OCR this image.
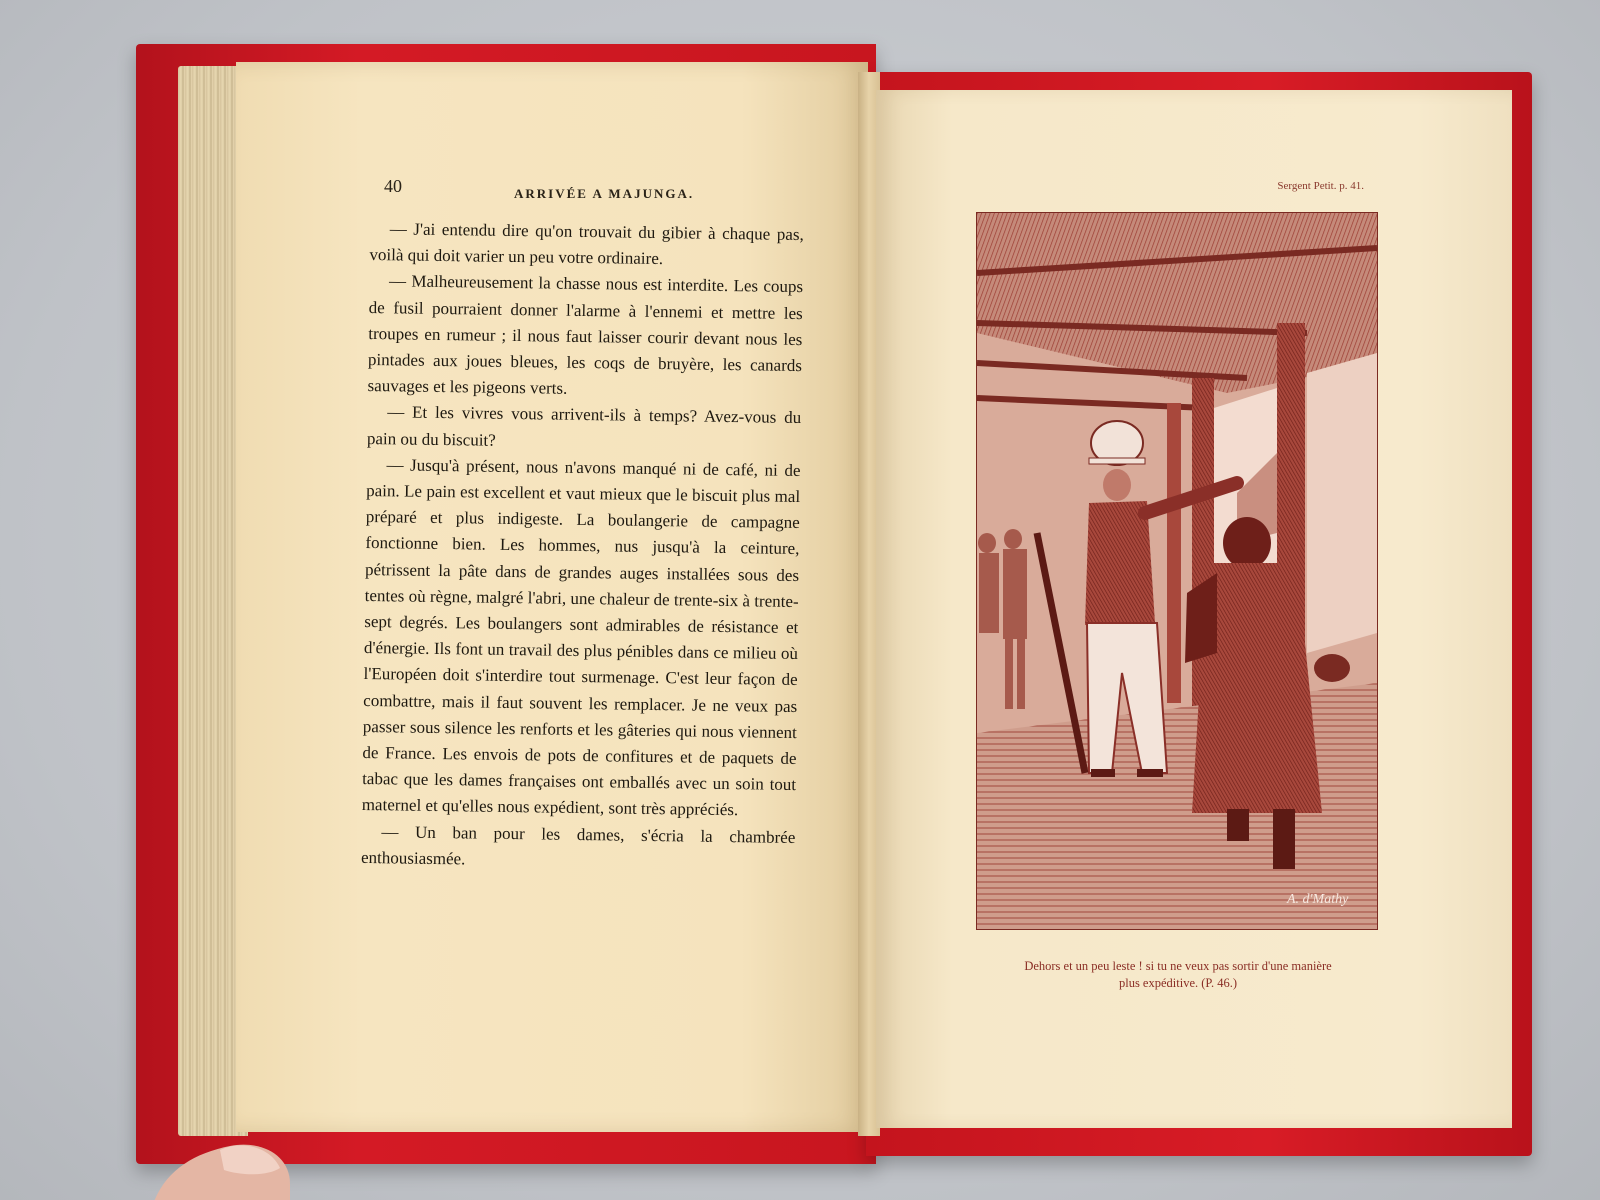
40	ARRIVÉE A MAJUNGA.

— J'ai entendu dire qu'on trouvait du gibier à chaque pas, voilà qui doit varier un peu votre ordinaire.

— Malheureusement la chasse nous est interdite. Les coups de fusil pourraient donner l'alarme à l'ennemi et mettre les troupes en rumeur ; il nous faut laisser courir devant nous les pintades aux joues bleues, les coqs de bruyère, les canards sauvages et les pigeons verts.

— Et les vivres vous arrivent-ils à temps? Avez-vous du pain ou du biscuit?

— Jusqu'à présent, nous n'avons manqué ni de café, ni de pain. Le pain est excellent et vaut mieux que le biscuit plus mal préparé et plus indigeste. La boulangerie de campagne fonctionne bien. Les hommes, nus jusqu'à la ceinture, pétrissent la pâte dans de grandes auges installées sous des tentes où règne, malgré l'abri, une chaleur de trente-six à trente-sept degrés. Les boulangers sont admirables de résistance et d'énergie. Ils font un travail des plus pénibles dans ce milieu où l'Européen doit s'interdire tout surmenage. C'est leur façon de combattre, mais il faut souvent les remplacer. Je ne veux pas passer sous silence les renforts et les gâteries qui nous viennent de France. Les envois de pots de confitures et de paquets de tabac que les dames françaises ont emballés avec un soin tout maternel et qu'elles nous expédient, sont très appréciés.

— Un ban pour les dames, s'écria la chambrée enthousiasmée.

Sergent Petit. p. 41.
A. d'Mathy
Dehors et un peu leste ! si tu ne veux pas sortir d'une manière
plus expéditive. (P. 46.)
